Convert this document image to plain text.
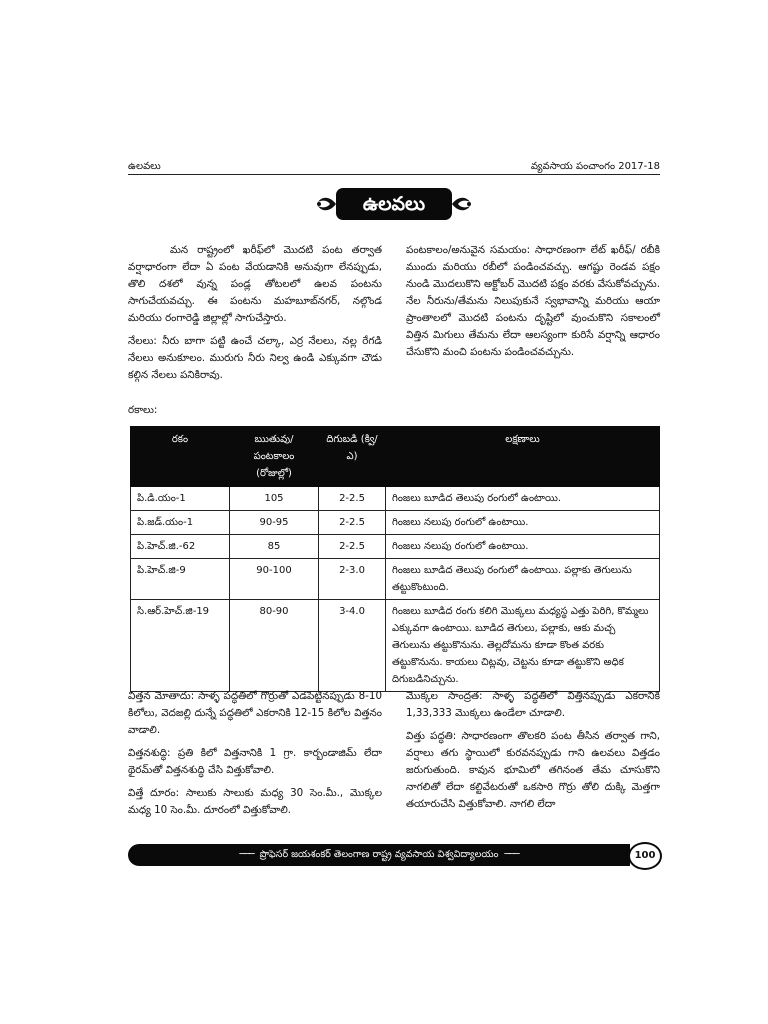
ఉలవలు	వ్యవసాయ పంచాంగం 2017-18
ఉలవలు

మన రాష్ట్రంలో ఖరీఫ్‌లో మొదటి పంట తర్వాత వర్షాధారంగా లేదా ఏ పంట వేయడానికి అనువుగా లేనప్పుడు, తొలి దశలో వున్న పండ్ల తోటలలో ఉలవ పంటను సాగుచేయవచ్చు. ఈ పంటను మహబూబ్‌నగర్, నల్గొండ మరియు రంగారెడ్డి జిల్లాల్లో సాగుచేస్తారు.

నేలలు: నీరు బాగా పట్టి ఉంచే చల్కా, ఎర్ర నేలలు, నల్ల రేగడి నేలలు అనుకూలం. మురుగు నీరు నిల్వ ఉండి ఎక్కువగా చౌడు కల్గిన నేలలు పనికిరావు.

పంటకాలం/అనువైన సమయం: సాధారణంగా లేట్ ఖరీఫ్/ రబీకి ముందు మరియు రబీలో పండించవచ్చు. ఆగష్టు రెండవ పక్షం నుండి మొదలుకొని అక్టోబర్ మొదటి పక్షం వరకు వేసుకోవచ్చును. నేల నీరును/తేమను నిలుపుకునే స్వభావాన్ని మరియు ఆయా ప్రాంతాలలో మొదటి పంటను దృష్టిలో వుంచుకొని సకాలంలో విత్తిన మిగులు తేమను లేదా ఆలస్యంగా కురిసే వర్షాన్ని ఆధారం చేసుకొని మంచి పంటను పండించవచ్చును.

రకాలు:
రకం	ఋతువు/ పంటకాలం (రోజుల్లో)	దిగుబడి (క్వి/ఎ)	లక్షణాలు
పి.డి.యం-1	105	2-2.5	గింజలు బూడిద తెలుపు రంగులో ఉంటాయి.
పి.జడ్.యం-1	90-95	2-2.5	గింజలు నలుపు రంగులో ఉంటాయి.
పి.హెచ్.జి.-62	85	2-2.5	గింజలు నలుపు రంగులో ఉంటాయి.
పి.హెచ్.జి-9	90-100	2-3.0	గింజలు బూడిద తెలుపు రంగులో ఉంటాయి. పల్లాకు తెగులును తట్టుకొంటుంది.
సి.ఆర్.హెచ్.జి-19	80-90	3-4.0	గింజలు బూడిద రంగు కలిగి మొక్కలు మధ్యస్థ ఎత్తు పెరిగి, కొమ్మలు ఎక్కువగా ఉంటాయి. బూడిద తెగులు, పల్లాకు, ఆకు మచ్చ తెగులును తట్టుకొనును. తెల్లదోమను కూడా కొంత వరకు తట్టుకొనును. కాయలు చిట్లవు, చెట్టను కూడా తట్టుకొని అధిక దిగుబడినిచ్చును.

విత్తన మోతాదు: సాళ్ళ పద్ధతిలో గొర్రుతో ఎడపెట్టినప్పుడు 8-10 కిలోలు, వెదజల్లి దున్నే పద్ధతిలో ఎకరానికి 12-15 కిలోల విత్తనం వాడాలి.

విత్తనశుద్ధి: ప్రతి కిలో విత్తనానికి 1 గ్రా. కార్బండాజిమ్ లేదా థైరమ్‌తో విత్తనశుద్ధి చేసి విత్తుకోవాలి.

విత్తే దూరం: సాలుకు సాలుకు మధ్య 30 సెం.మీ., మొక్కల మధ్య 10 సెం.మీ. దూరంలో విత్తుకోవాలి.

మొక్కల సాంద్రత: సాళ్ళ పద్ధతిలో విత్తినప్పుడు ఎకరానికి 1,33,333 మొక్కలు ఉండేలా చూడాలి.

విత్తు పద్ధతి: సాధారణంగా తొలకరి పంట తీసిన తర్వాత గాని, వర్షాలు తగు స్థాయిలో కురవనప్పుడు గాని ఉలవలు విత్తడం జరుగుతుంది. కావున భూమిలో తగినంత తేమ చూసుకొని నాగలితో లేదా కల్టివేటరుతో ఒకసారి గొర్రు తోలి దుక్కి మెత్తగా తయారుచేసి విత్తుకోవాలి. నాగలి లేదా

─── ప్రొఫెసర్ జయశంకర్ తెలంగాణ రాష్ట్ర వ్యవసాయ విశ్వవిద్యాలయం ───	100
